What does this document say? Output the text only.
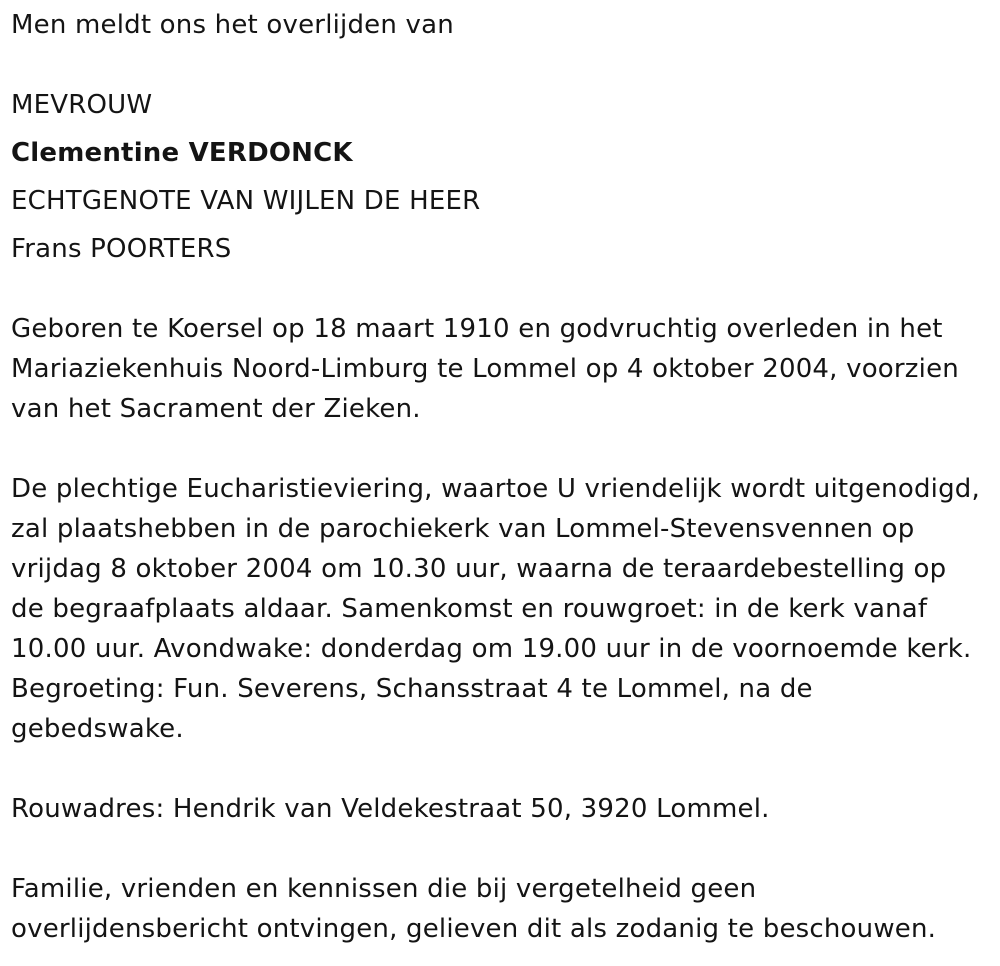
Men meldt ons het overlijden van
MEVROUW
Clementine VERDONCK
ECHTGENOTE VAN WIJLEN DE HEER
Frans POORTERS
Geboren te Koersel op 18 maart 1910 en godvruchtig overleden in het
Mariaziekenhuis Noord-Limburg te Lommel op 4 oktober 2004, voorzien
van het Sacrament der Zieken.
De plechtige Eucharistieviering, waartoe U vriendelijk wordt uitgenodigd,
zal plaatshebben in de parochiekerk van Lommel-Stevensvennen op
vrijdag 8 oktober 2004 om 10.30 uur, waarna de teraardebestelling op
de begraafplaats aldaar. Samenkomst en rouwgroet: in de kerk vanaf
10.00 uur. Avondwake: donderdag om 19.00 uur in de voornoemde kerk.
Begroeting: Fun. Severens, Schansstraat 4 te Lommel, na de
gebedswake.
Rouwadres: Hendrik van Veldekestraat 50, 3920 Lommel.
Familie, vrienden en kennissen die bij vergetelheid geen
overlijdensbericht ontvingen, gelieven dit als zodanig te beschouwen.
